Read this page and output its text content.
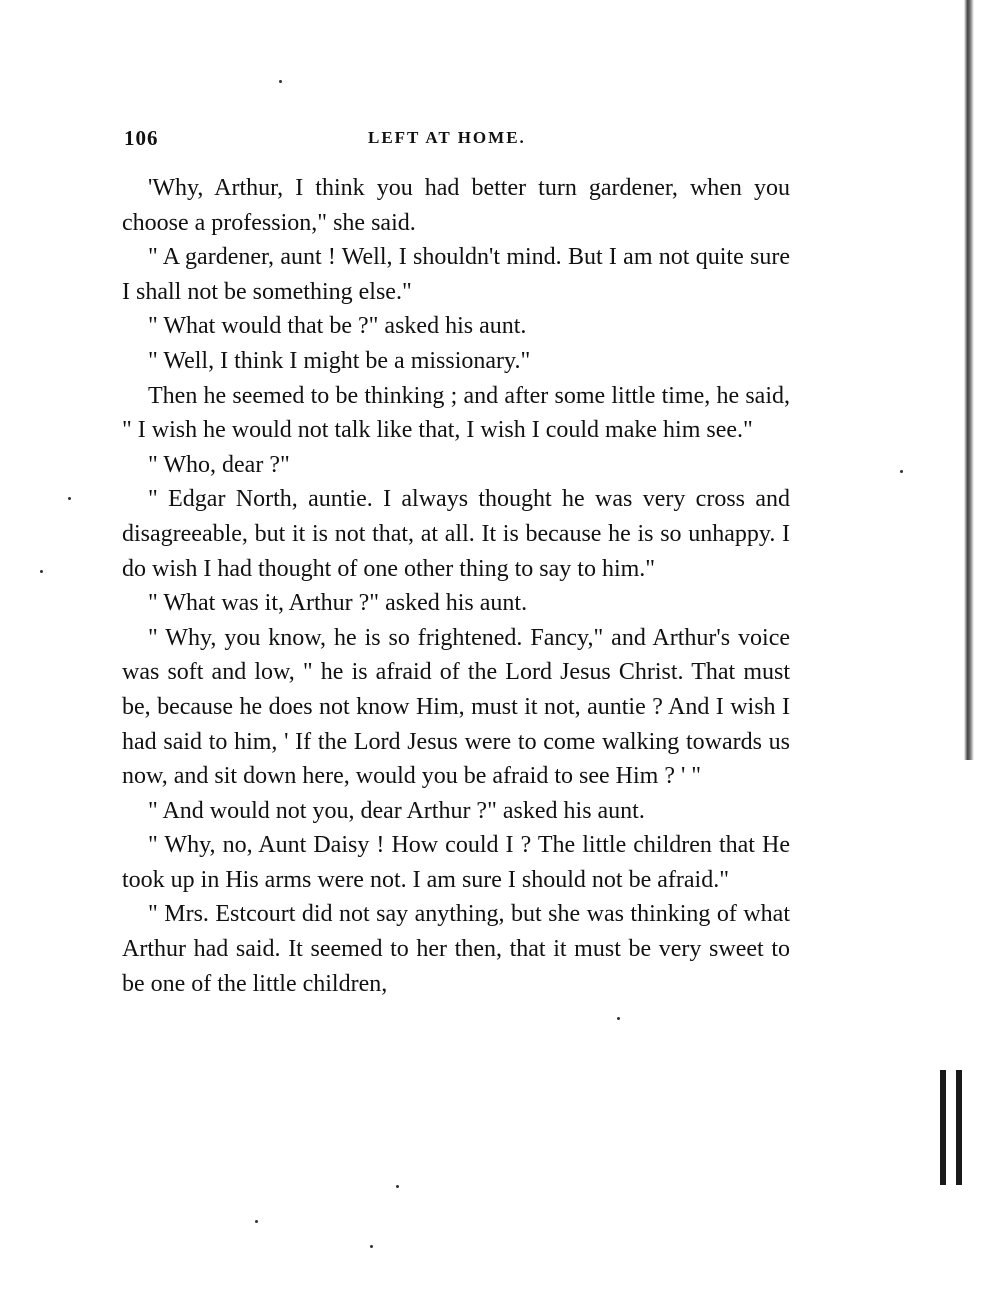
106	LEFT AT HOME.

'Why, Arthur, I think you had better turn gardener, when you choose a profession," she said.

" A gardener, aunt ! Well, I shouldn't mind. But I am not quite sure I shall not be something else."

" What would that be ?" asked his aunt.

" Well, I think I might be a missionary."

Then he seemed to be thinking ; and after some little time, he said, " I wish he would not talk like that, I wish I could make him see."

" Who, dear ?"

" Edgar North, auntie. I always thought he was very cross and disagreeable, but it is not that, at all. It is because he is so unhappy. I do wish I had thought of one other thing to say to him."

" What was it, Arthur ?" asked his aunt.

" Why, you know, he is so frightened. Fancy," and Arthur's voice was soft and low, " he is afraid of the Lord Jesus Christ. That must be, because he does not know Him, must it not, auntie ? And I wish I had said to him, ' If the Lord Jesus were to come walking towards us now, and sit down here, would you be afraid to see Him ? ' "

" And would not you, dear Arthur ?" asked his aunt.

" Why, no, Aunt Daisy ! How could I ? The little children that He took up in His arms were not. I am sure I should not be afraid."

" Mrs. Estcourt did not say anything, but she was thinking of what Arthur had said. It seemed to her then, that it must be very sweet to be one of the little children,
